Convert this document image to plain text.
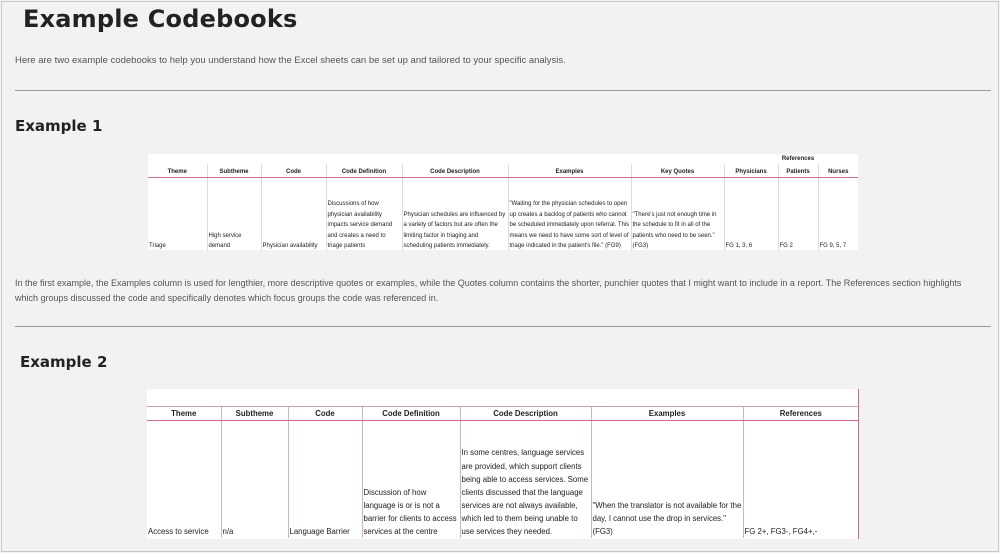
Example Codebooks

Here are two example codebooks to help you understand how the Excel sheets can be set up and tailored to your specific analysis.

Example 1
								References	
Theme	Subtheme	Code	Code Definition	Code Description	Examples	Key Quotes	Physicians	Patients	Nurses
Triage	High service demand	Physician availability	Discussions of how physician availability impacts service demand and creates a need to triage patients	Physician schedules are influenced by a variety of factors but are often the limiting factor in triaging and scheduling patients immediately.	"Waiting for the physician schedules to open up creates a backlog of patients who cannot be scheduled immediately upon referral. This means we need to have some sort of level of triage indicated in the patient's file." (FG9)	"There's just not enough time in the schedule to fit in all of the patients who need to be seen." (FG3)	FG 1, 3, 6	FG 2	FG 9, 5, 7

In the first example, the Examples column is used for lengthier, more descriptive quotes or examples, while the Quotes column contains the shorter, punchier quotes that I might want to include in a report. The References section highlights which groups discussed the code and specifically denotes which focus groups the code was referenced in.

Example 2

Theme	Subtheme	Code	Code Definition	Code Description	Examples	References
Access to service	n/a	Language Barrier	Discussion of how language is or is not a barrier for clients to access services at the centre	In some centres, language services are provided, which support clients being able to access services. Some clients discussed that the language services are not always available, which led to them being unable to use services they needed.	"When the translator is not available for the day, I cannot use the drop in services." (FG3)	FG 2+, FG3-, FG4+,-
